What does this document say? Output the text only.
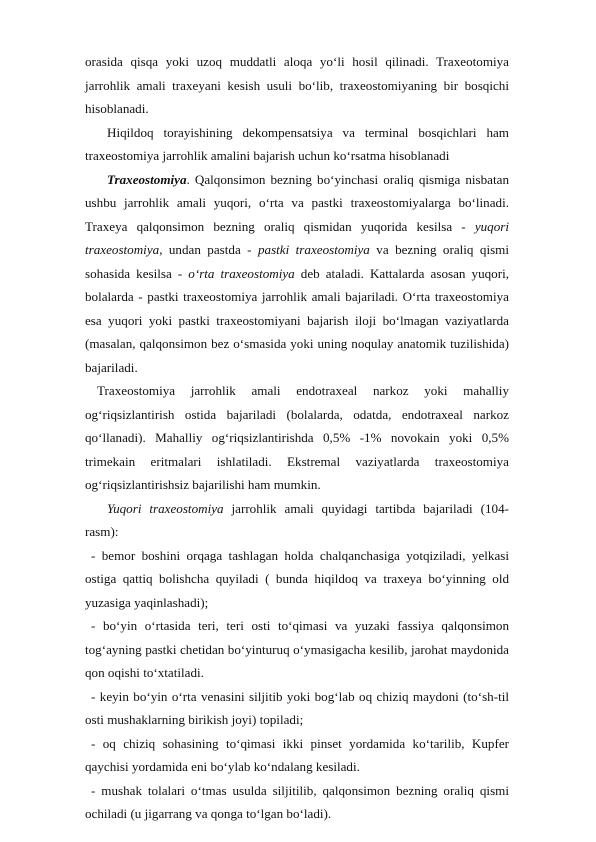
orasida qisqa yoki uzoq muddatli aloqa yo‘li hosil qilinadi. Traxeotomiya jarrohlik amali traxeyani kesish usuli bo‘lib, traxeostomiyaning bir bosqichi hisoblanadi.

Hiqildoq torayishining dekompensatsiya va terminal bosqichlari ham traxeostomiya jarrohlik amalini bajarish uchun ko‘rsatma hisoblanadi

Traxeostomiya. Qalqonsimon bezning bo‘yinchasi oraliq qismiga nisbatan ushbu jarrohlik amali yuqori, o‘rta va pastki traxeostomiyalarga bo‘linadi. Traxeya qalqonsimon bezning oraliq qismidan yuqorida kesilsa - yuqori traxeostomiya, undan pastda - pastki traxeostomiya va bezning oraliq qismi sohasida kesilsa - o‘rta traxeostomiya deb ataladi. Kattalarda asosan yuqori, bolalarda - pastki traxeostomiya jarrohlik amali bajariladi. O‘rta traxeostomiya esa yuqori yoki pastki traxeostomiyani bajarish iloji bo‘lmagan vaziyatlarda (masalan, qalqonsimon bez o‘smasida yoki uning noqulay anatomik tuzilishida) bajariladi.

Traxeostomiya jarrohlik amali endotraxeal narkoz yoki mahalliy og‘riqsizlantirish ostida bajariladi (bolalarda, odatda, endotraxeal narkoz qo‘llanadi). Mahalliy og‘riqsizlantirishda 0,5% -1% novokain yoki 0,5% trimekain eritmalari ishlatiladi. Ekstremal vaziyatlarda traxeostomiya og‘riqsizlantirishsiz bajarilishi ham mumkin.

Yuqori traxeostomiya jarrohlik amali quyidagi tartibda bajariladi (104-rasm):

- bemor boshini orqaga tashlagan holda chalqanchasiga yotqiziladi, yelkasi ostiga qattiq bolishcha quyiladi ( bunda hiqildoq va traxeya bo‘yinning old yuzasiga yaqinlashadi);

- bo‘yin o‘rtasida teri, teri osti to‘qimasi va yuzaki fassiya qalqonsimon tog‘ayning pastki chetidan bo‘yinturuq o‘ymasigacha kesilib, jarohat maydonida qon oqishi to‘xtatiladi.

- keyin bo‘yin o‘rta venasini siljitib yoki bog‘lab oq chiziq maydoni (to‘sh-til osti mushaklarning birikish joyi) topiladi;

- oq chiziq sohasining to‘qimasi ikki pinset yordamida ko‘tarilib, Kupfer qaychisi yordamida eni bo‘ylab ko‘ndalang kesiladi.

- mushak tolalari o‘tmas usulda siljitilib, qalqonsimon bezning oraliq qismi ochiladi (u jigarrang va qonga to‘lgan bo‘ladi).
